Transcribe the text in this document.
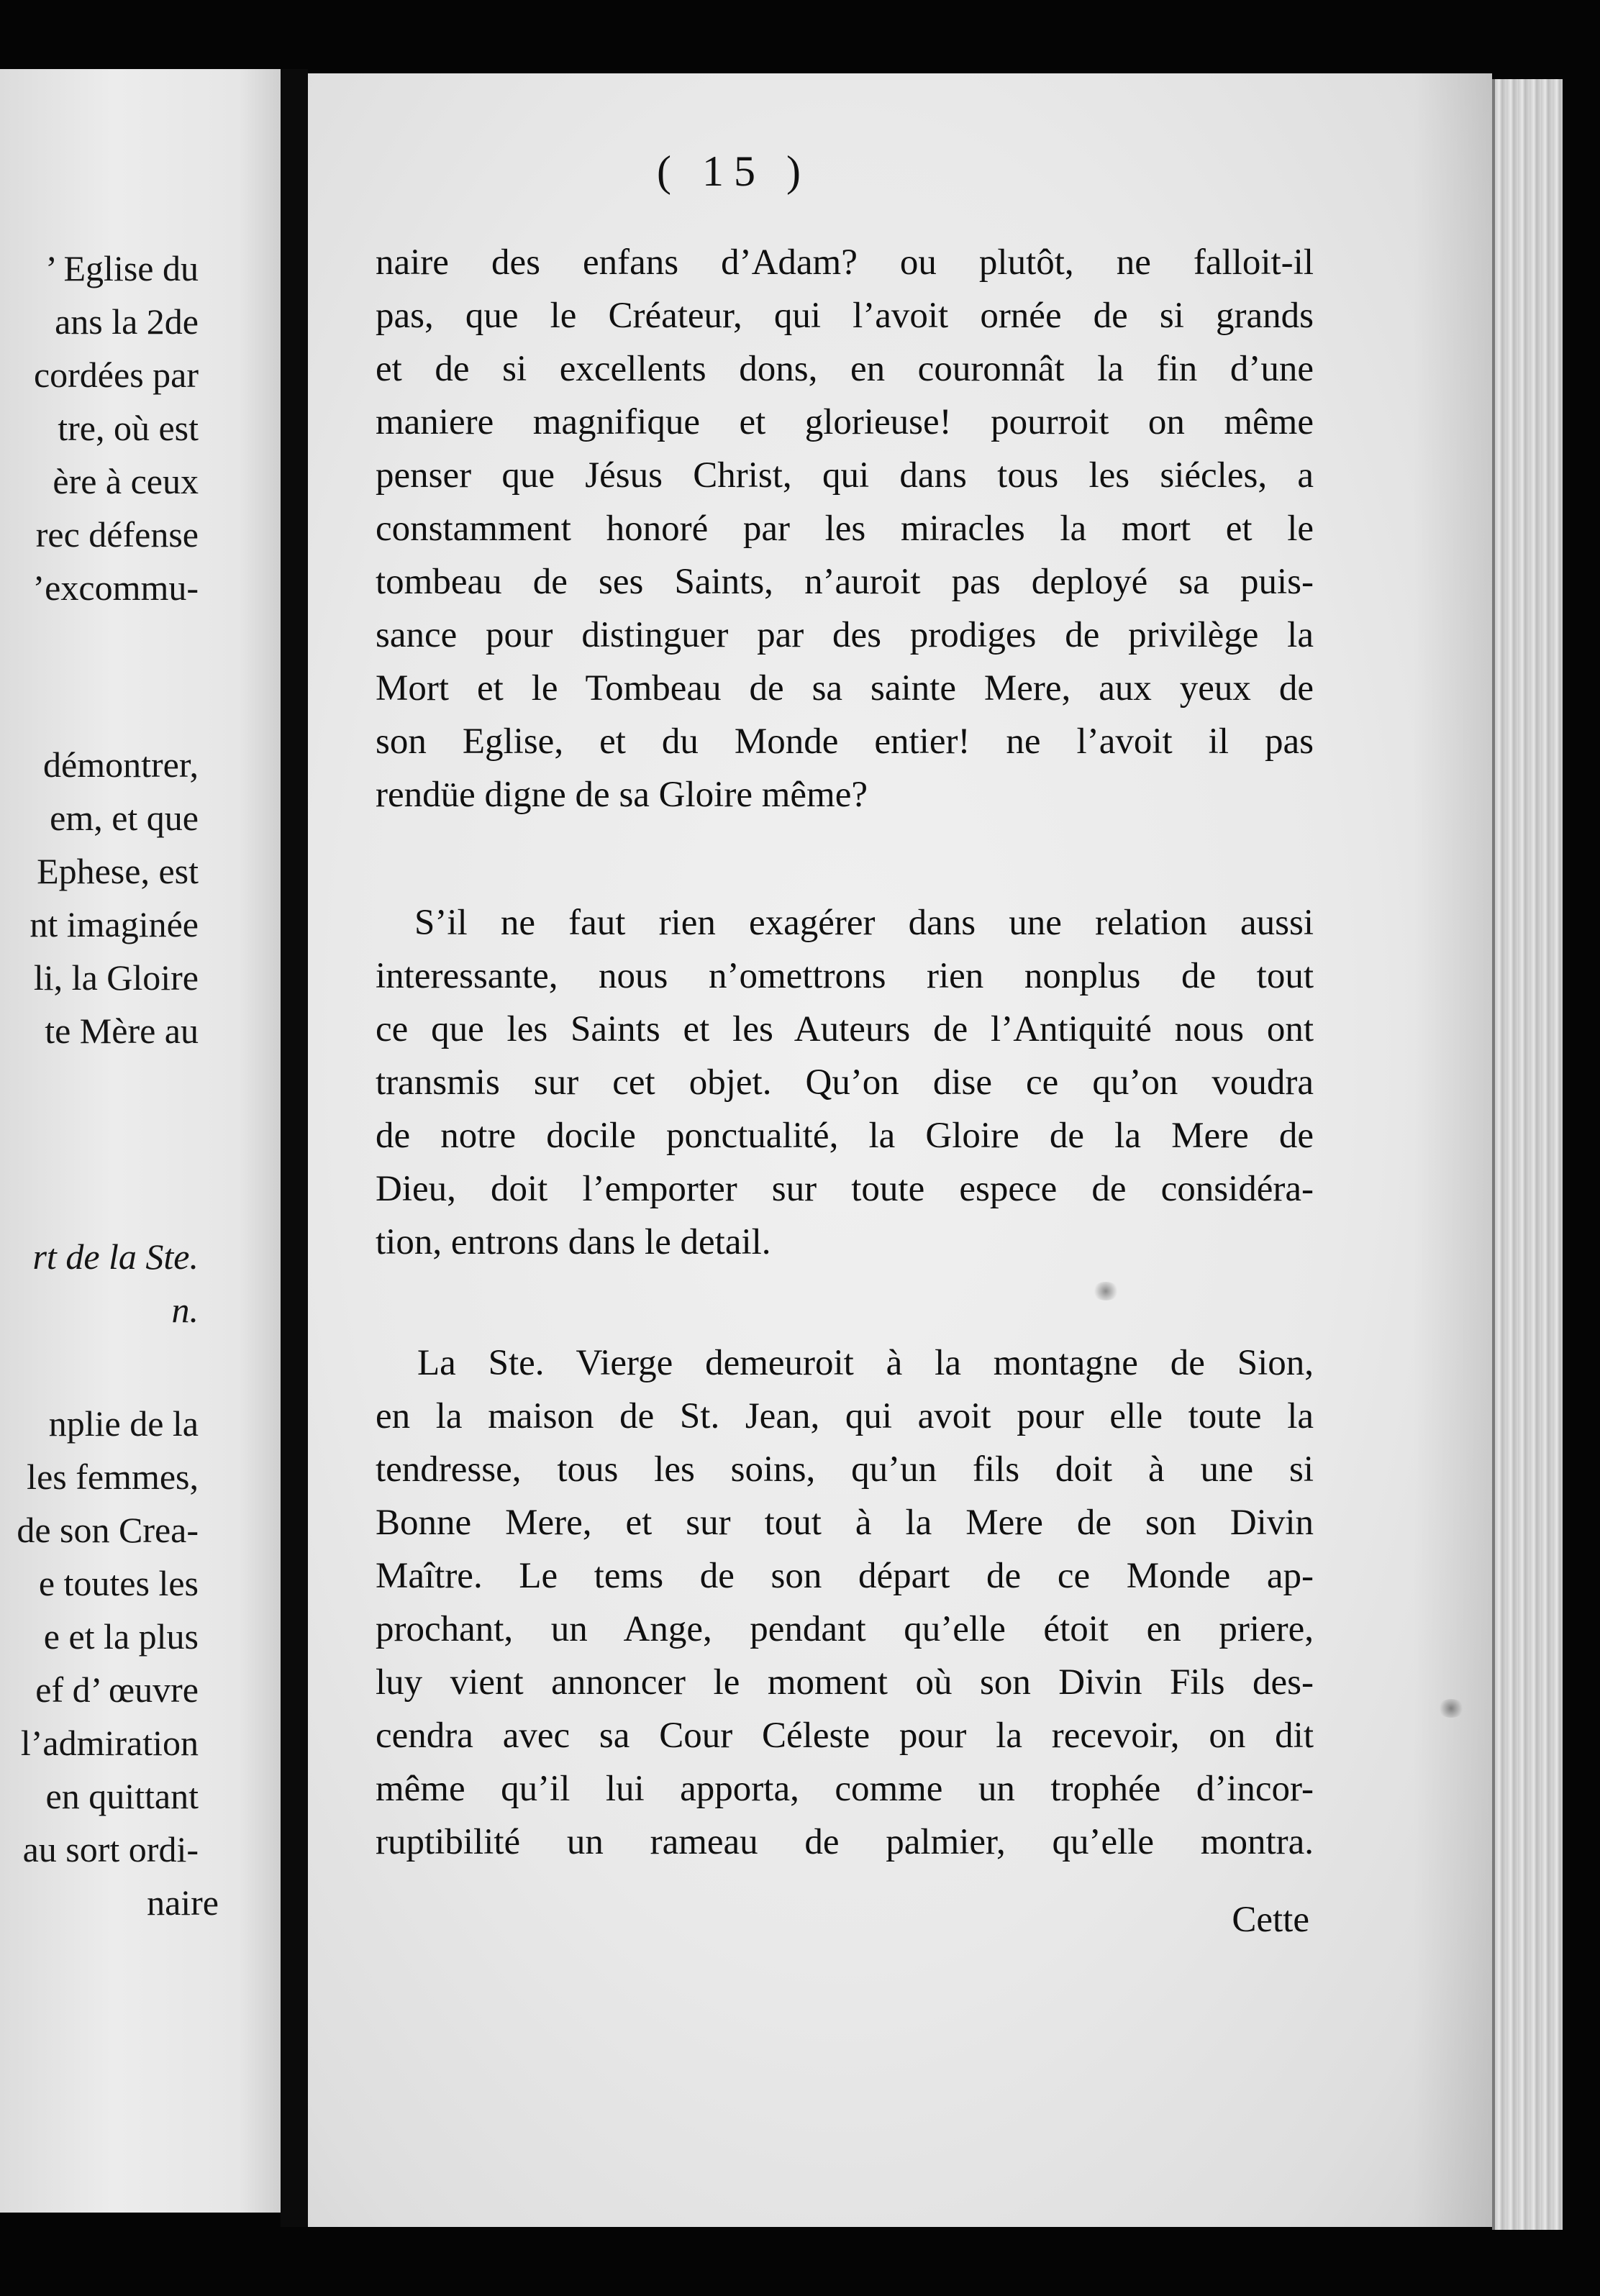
’ Eglise du
ans la 2de
cordées par
tre, où est
ère à ceux
rec défense
’excommu-
démontrer,
em, et que
Ephese, est
nt imaginée
li, la Gloire
te Mère au
rt de la Ste.
n.
nplie de la
les femmes,
de son Crea-
e toutes les
e et la plus
ef d’ œuvre
l’admiration
en quittant
au sort ordi-
naire
( 15 )
naire des enfans d’Adam? ou plutôt, ne falloit-il
pas, que le Créateur, qui l’avoit ornée de si grands
et de si excellents dons, en couronnât la fin d’une
maniere magnifique et glorieuse! pourroit on même
penser que Jésus Christ, qui dans tous les siécles, a
constamment honoré par les miracles la mort et le
tombeau de ses Saints, n’auroit pas deployé sa puis-
sance pour distinguer par des prodiges de privilège la
Mort et le Tombeau de sa sainte Mere, aux yeux de
son Eglise, et du Monde entier! ne l’avoit il pas
rendüe digne de sa Gloire même?
S’il ne faut rien exagérer dans une relation aussi
interessante, nous n’omettrons rien nonplus de tout
ce que les Saints et les Auteurs de l’Antiquité nous ont
transmis sur cet objet. Qu’on dise ce qu’on voudra
de notre docile ponctualité, la Gloire de la Mere de
Dieu, doit l’emporter sur toute espece de considéra-
tion, entrons dans le detail.
La Ste. Vierge demeuroit à la montagne de Sion,
en la maison de St. Jean, qui avoit pour elle toute la
tendresse, tous les soins, qu’un fils doit à une si
Bonne Mere, et sur tout à la Mere de son Divin
Maître. Le tems de son départ de ce Monde ap-
prochant, un Ange, pendant qu’elle étoit en priere,
luy vient annoncer le moment où son Divin Fils des-
cendra avec sa Cour Céleste pour la recevoir, on dit
même qu’il lui apporta, comme un trophée d’incor-
ruptibilité un rameau de palmier, qu’elle montra.
Cette
